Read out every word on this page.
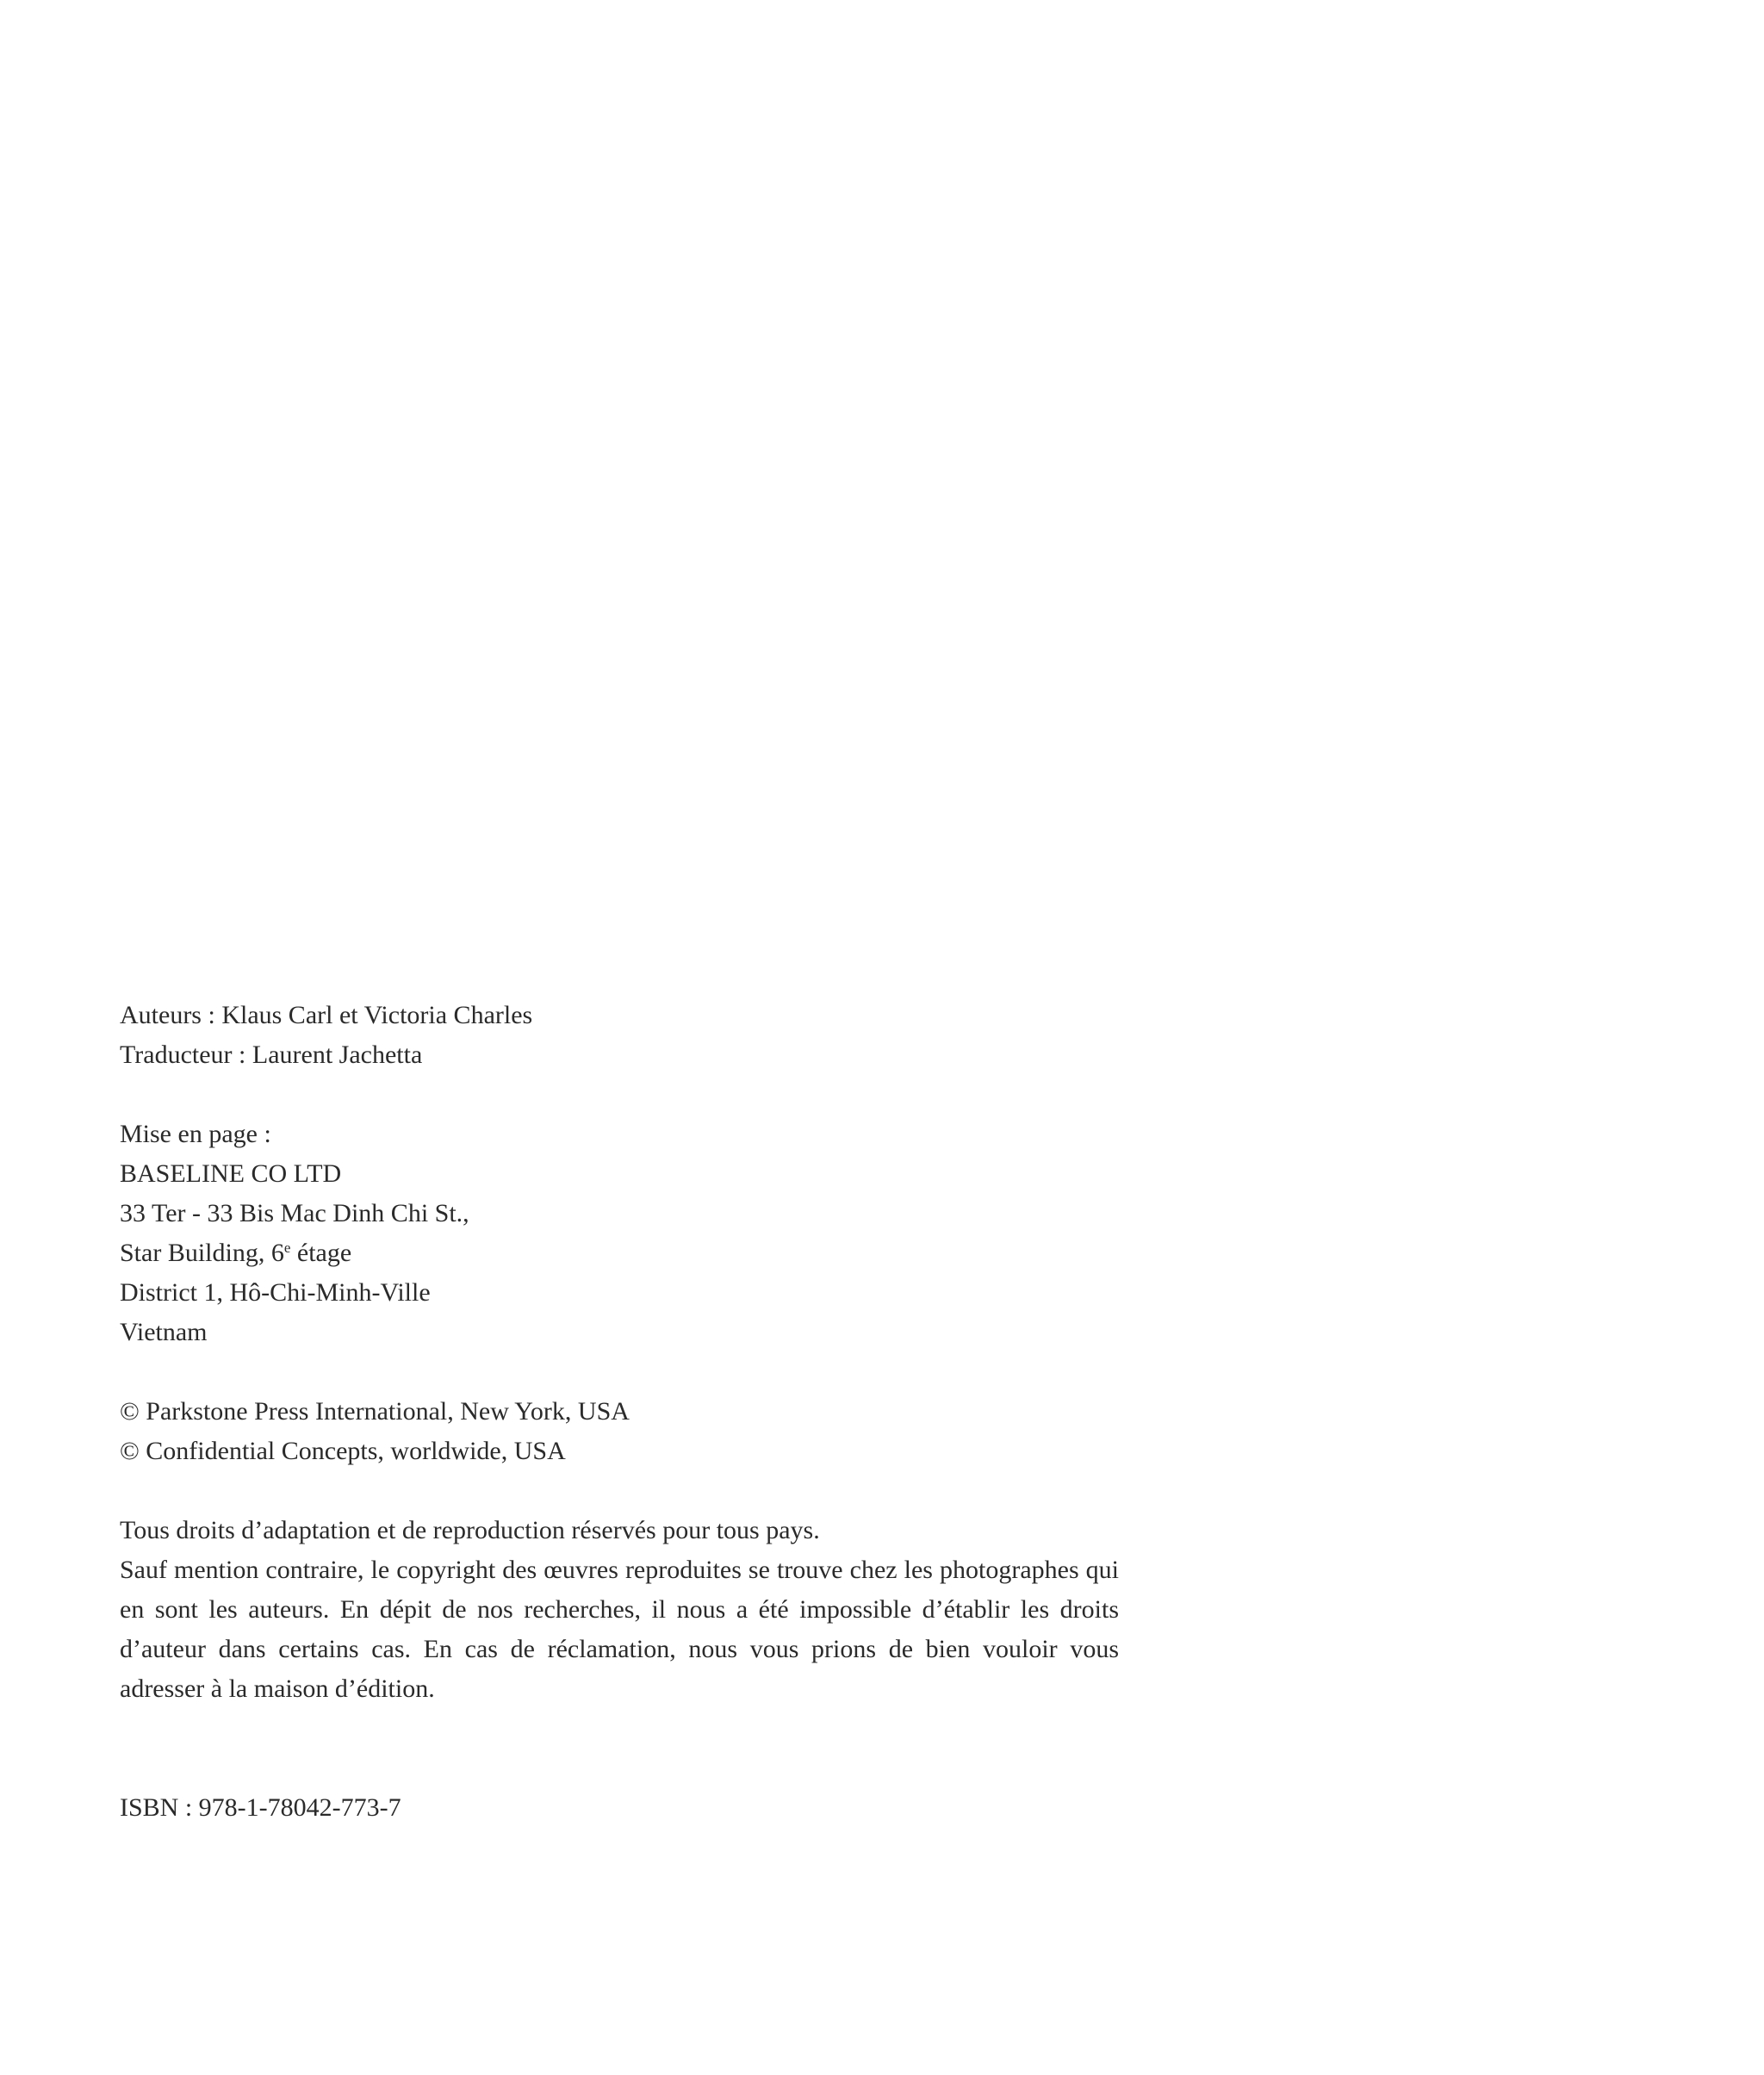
Auteurs : Klaus Carl et Victoria Charles

Traducteur : Laurent Jachetta

Mise en page :

BASELINE CO LTD

33 Ter - 33 Bis Mac Dinh Chi St.,

Star Building, 6e étage

District 1, Hô-Chi-Minh-Ville

Vietnam

© Parkstone Press International, New York, USA

© Confidential Concepts, worldwide, USA

Tous droits d’adaptation et de reproduction réservés pour tous pays.

Sauf mention contraire, le copyright des œuvres reproduites se trouve chez les photographes qui en sont les auteurs. En dépit de nos recherches, il nous a été impossible d’établir les droits d’auteur dans certains cas. En cas de réclamation, nous vous prions de bien vouloir vous adresser à la maison d’édition.

ISBN : 978-1-78042-773-7
